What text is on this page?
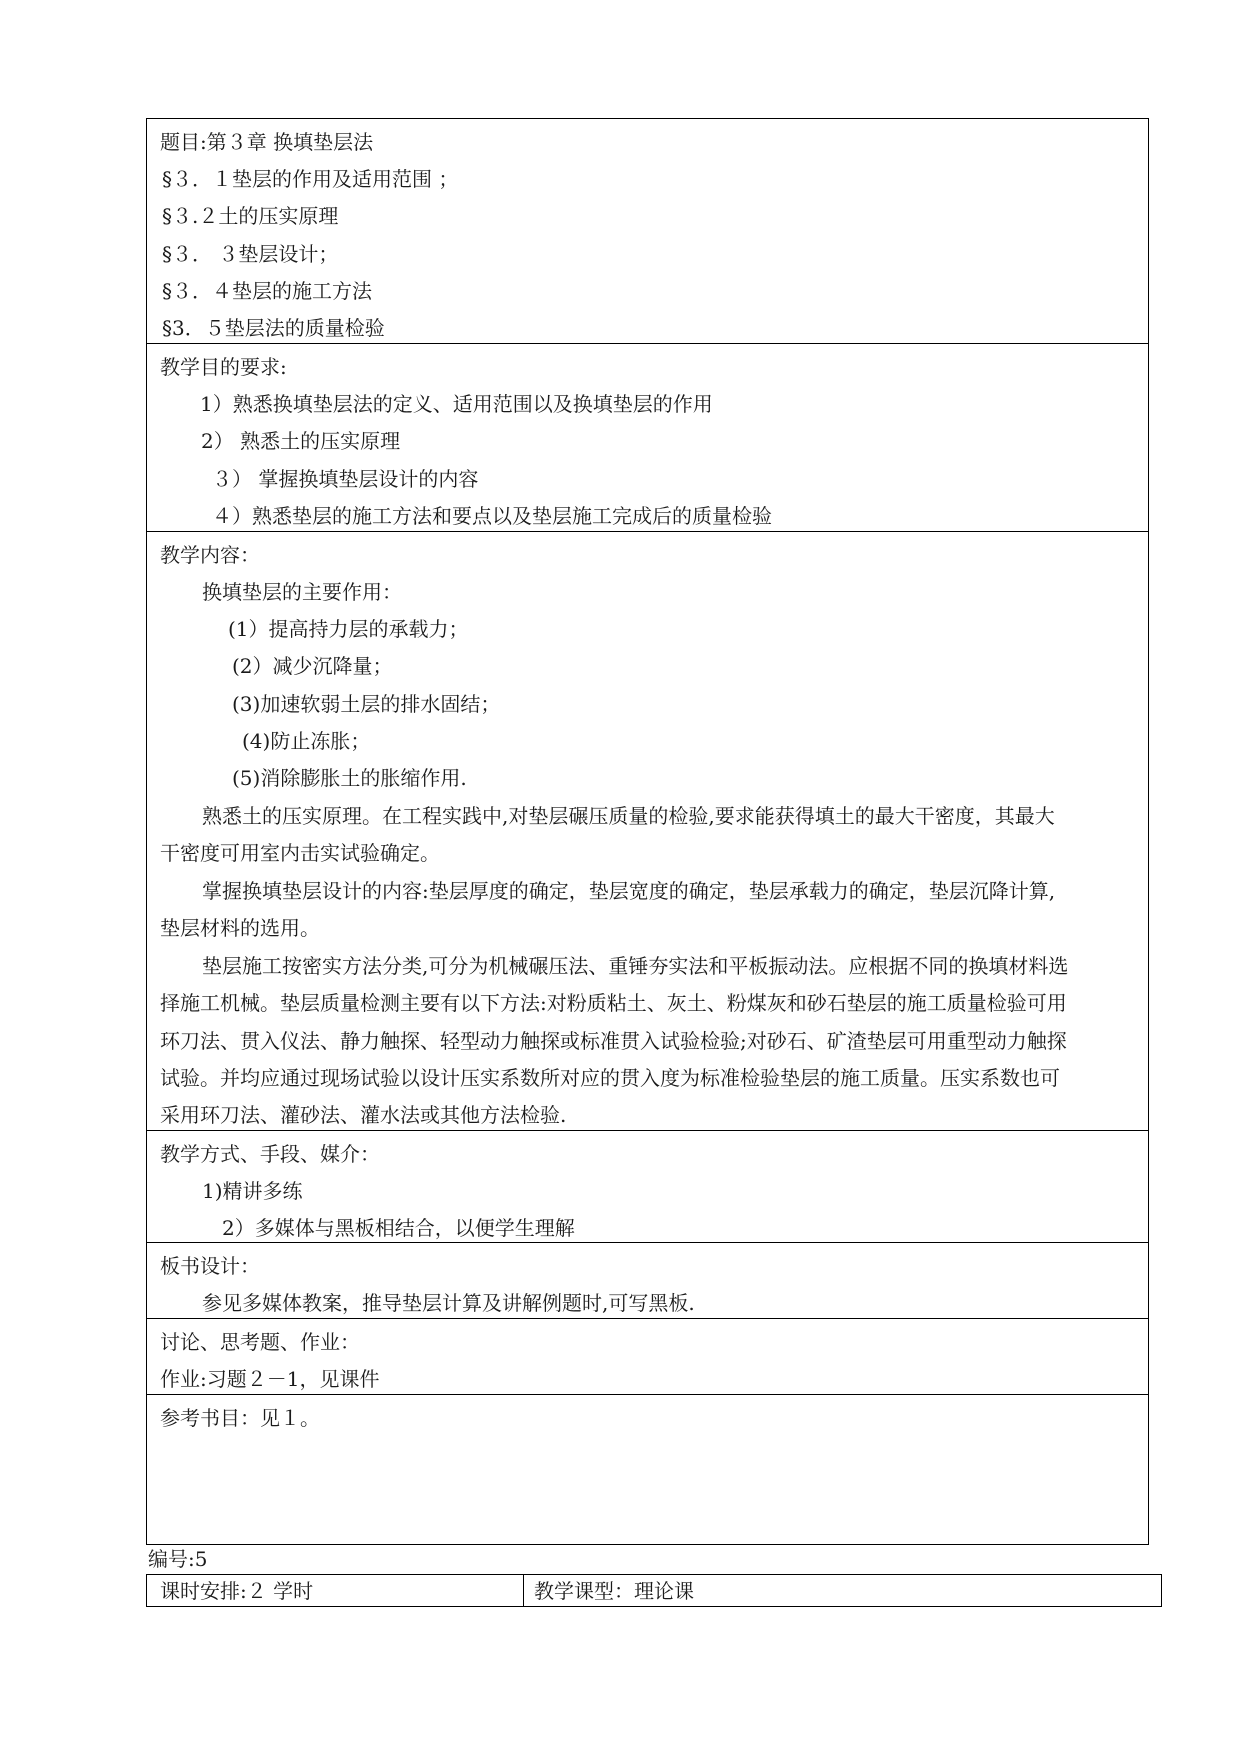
题目:第３章 换填垫层法
§３．１垫层的作用及适用范围 ；
§３.２土的压实原理
§３． ３垫层设计；
§３．４垫层的施工方法
§3．５垫层法的质量检验
教学目的要求:
1）熟悉换填垫层法的定义、适用范围以及换填垫层的作用
2） 熟悉土的压实原理
３） 掌握换填垫层设计的内容
４）熟悉垫层的施工方法和要点以及垫层施工完成后的质量检验
教学内容：
换填垫层的主要作用：
(1）提高持力层的承载力；
(2）减少沉降量；
(3)加速软弱土层的排水固结；
(4)防止冻胀；
(5)消除膨胀土的胀缩作用.
熟悉土的压实原理。在工程实践中,对垫层碾压质量的检验,要求能获得填土的最大干密度，其最大
干密度可用室内击实试验确定。
掌握换填垫层设计的内容:垫层厚度的确定，垫层宽度的确定，垫层承载力的确定，垫层沉降计算,
垫层材料的选用。
垫层施工按密实方法分类,可分为机械碾压法、重锤夯实法和平板振动法。应根据不同的换填材料选
择施工机械。垫层质量检测主要有以下方法:对粉质粘土、灰土、粉煤灰和砂石垫层的施工质量检验可用
环刀法、贯入仪法、静力触探、轻型动力触探或标准贯入试验检验;对砂石、矿渣垫层可用重型动力触探
试验。并均应通过现场试验以设计压实系数所对应的贯入度为标准检验垫层的施工质量。压实系数也可
采用环刀法、灌砂法、灌水法或其他方法检验.
教学方式、手段、媒介：
1)精讲多练
2）多媒体与黑板相结合，以便学生理解
板书设计：
参见多媒体教案，推导垫层计算及讲解例题时,可写黑板.
讨论、思考题、作业：
作业:习题２－1，见课件
参考书目：见１。
编号:5
课时安排:２ 学时	教学课型：理论课
